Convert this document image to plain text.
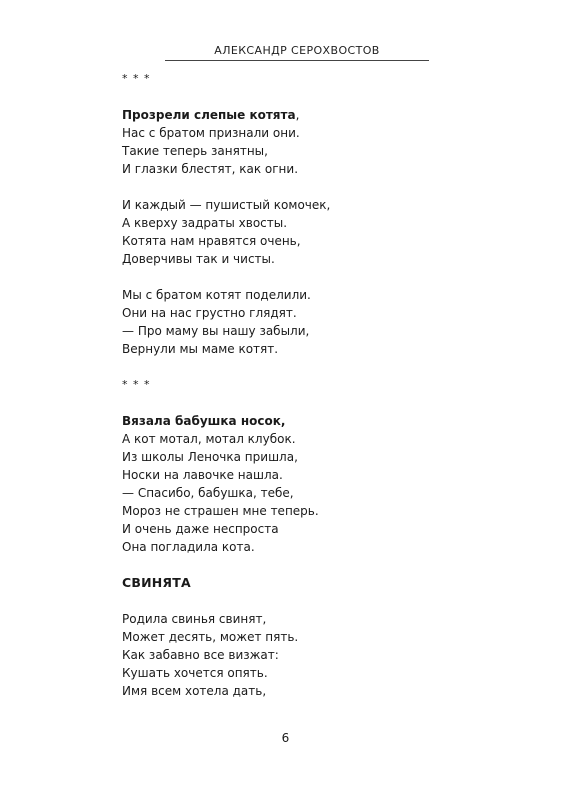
АЛЕКСАНДР СЕРОХВОСТОВ
* * *
Прозрели слепые котята,
Нас с братом признали они.
Такие теперь занятны,
И глазки блестят, как огни.
И каждый — пушистый комочек,
А кверху задраты хвосты.
Котята нам нравятся очень,
Доверчивы так и чисты.
Мы с братом котят поделили.
Они на нас грустно глядят.
— Про маму вы нашу забыли,
Вернули мы маме котят.
* * *
Вязала бабушка носок,
А кот мотал, мотал клубок.
Из школы Леночка пришла,
Носки на лавочке нашла.
— Спасибо, бабушка, тебе,
Мороз не страшен мне теперь.
И очень даже неспроста
Она погладила кота.
СВИНЯТА
Родила свинья свинят,
Может десять, может пять.
Как забавно все визжат:
Кушать хочется опять.
Имя всем хотела дать,
6
